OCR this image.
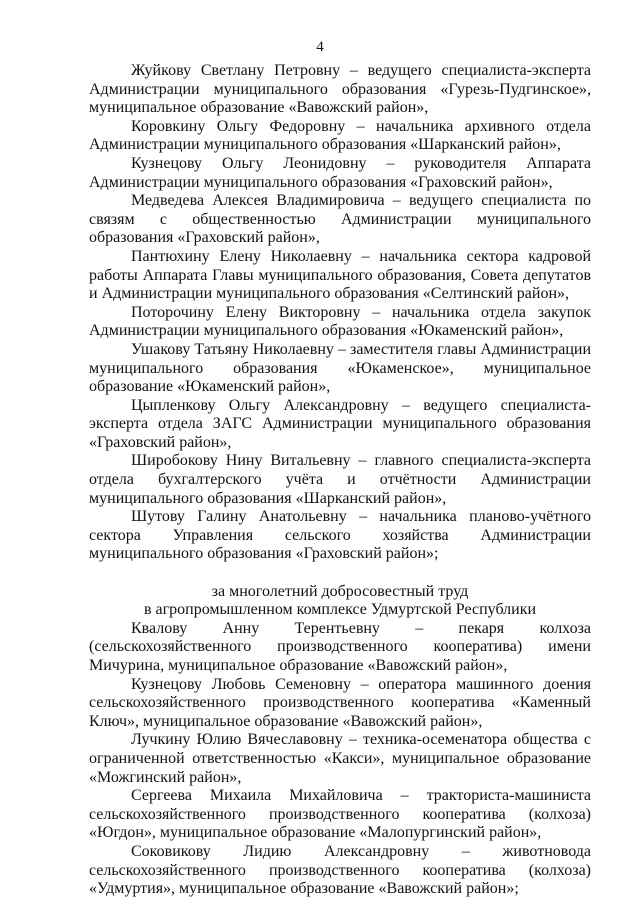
4

Жуйкову Светлану Петровну – ведущего специалиста-эксперта Администрации муниципального образования «Гурезь-Пудгинское», муниципальное образование «Вавожский район»,

Коровкину Ольгу Федоровну – начальника архивного отдела Администрации муниципального образования «Шарканский район»,

Кузнецову Ольгу Леонидовну – руководителя Аппарата Администрации муниципального образования «Граховский район»,

Медведева Алексея Владимировича – ведущего специалиста по связям с общественностью Администрации муниципального образования «Граховский район»,

Пантюхину Елену Николаевну – начальника сектора кадровой работы Аппарата Главы муниципального образования, Совета депутатов и Администрации муниципального образования «Селтинский район»,

Поторочину Елену Викторовну – начальника отдела закупок Администрации муниципального образования «Юкаменский район»,

Ушакову Татьяну Николаевну – заместителя главы Администрации муниципального образования «Юкаменское», муниципальное образование «Юкаменский район»,

Цыпленкову Ольгу Александровну – ведущего специалиста-эксперта отдела ЗАГС Администрации муниципального образования «Граховский район»,

Широбокову Нину Витальевну – главного специалиста-эксперта отдела бухгалтерского учёта и отчётности Администрации муниципального образования «Шарканский район»,

Шутову Галину Анатольевну – начальника планово-учётного сектора Управления сельского хозяйства Администрации муниципального образования «Граховский район»;

за многолетний добросовестный труд

в агропромышленном комплексе Удмуртской Республики

Квалову Анну Терентьевну – пекаря колхоза (сельскохозяйственного производственного кооператива) имени Мичурина, муниципальное образование «Вавожский район»,

Кузнецову Любовь Семеновну – оператора машинного доения сельскохозяйственного производственного кооператива «Каменный Ключ», муниципальное образование «Вавожский район»,

Лучкину Юлию Вячеславовну – техника-осеменатора общества с ограниченной ответственностью «Какси», муниципальное образование «Можгинский район»,

Сергеева Михаила Михайловича – тракториста-машиниста сельскохозяйственного производственного кооператива (колхоза) «Югдон», муниципальное образование «Малопургинский район»,

Соковикову Лидию Александровну – животновода сельскохозяйственного производственного кооператива (колхоза) «Удмуртия», муниципальное образование «Вавожский район»;
